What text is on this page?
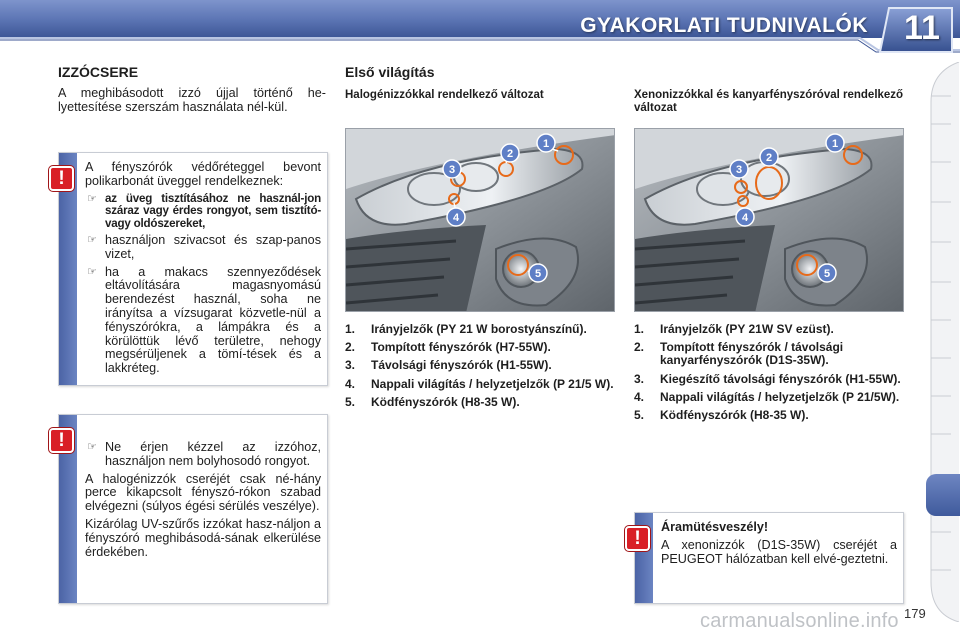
GYAKORLATI TUDNIVALÓK	11
IZZÓCSERE
A meghibásodott izzó újjal történő he-lyettesítése szerszám használata nél-kül.

A fényszórók védőréteggel bevont polikarbonát üveggel rendelkeznek:

☞ az üveg tisztításához ne használ-jon száraz vagy érdes rongyot, sem tisztító- vagy oldószereket,
☞ használjon szivacsot és szap-panos vizet,
☞ ha a makacs szennyeződések eltávolítására magasnyomású berendezést használ, soha ne irányítsa a vízsugarat közvetle-nül a fényszórókra, a lámpákra és a körülöttük lévő területre, nehogy megsérüljenek a tömí-tések és a lakkréteg.
!
☞ Ne érjen kézzel az izzóhoz, használjon nem bolyhosodó rongyot.

A halogénizzók cseréjét csak né-hány perce kikapcsolt fényszó-rókon szabad elvégezni (súlyos égési sérülés veszélye).

Kizárólag UV-szűrős izzókat hasz-náljon a fényszóró meghibásodá-sának elkerülése érdekében.

!
Első világítás
Halogénizzókkal rendelkező változat
1
2
3
4
5
1. Irányjelzők (PY 21 W borostyánszínű).
2. Tompított fényszórók (H7-55W).
3. Távolsági fényszórók (H1-55W).
4. Nappali világítás / helyzetjelzők (P 21/5 W).
5. Ködfényszórók (H8-35 W).
Xenonizzókkal és kanyarfényszóróval rendelkező változat
1
2
3
4
5
1. Irányjelzők (PY 21W SV ezüst).
2. Tompított fényszórók / távolsági kanyarfényszórók (D1S-35W).
3. Kiegészítő távolsági fényszórók (H1-55W).
4. Nappali világítás / helyzetjelzők (P 21/5W).
5. Ködfényszórók (H8-35 W).

Áramütésveszély!

A xenonizzók (D1S-35W) cseréjét a PEUGEOT hálózatban kell elvé-geztetni.

!
carmanualsonline.info 179
